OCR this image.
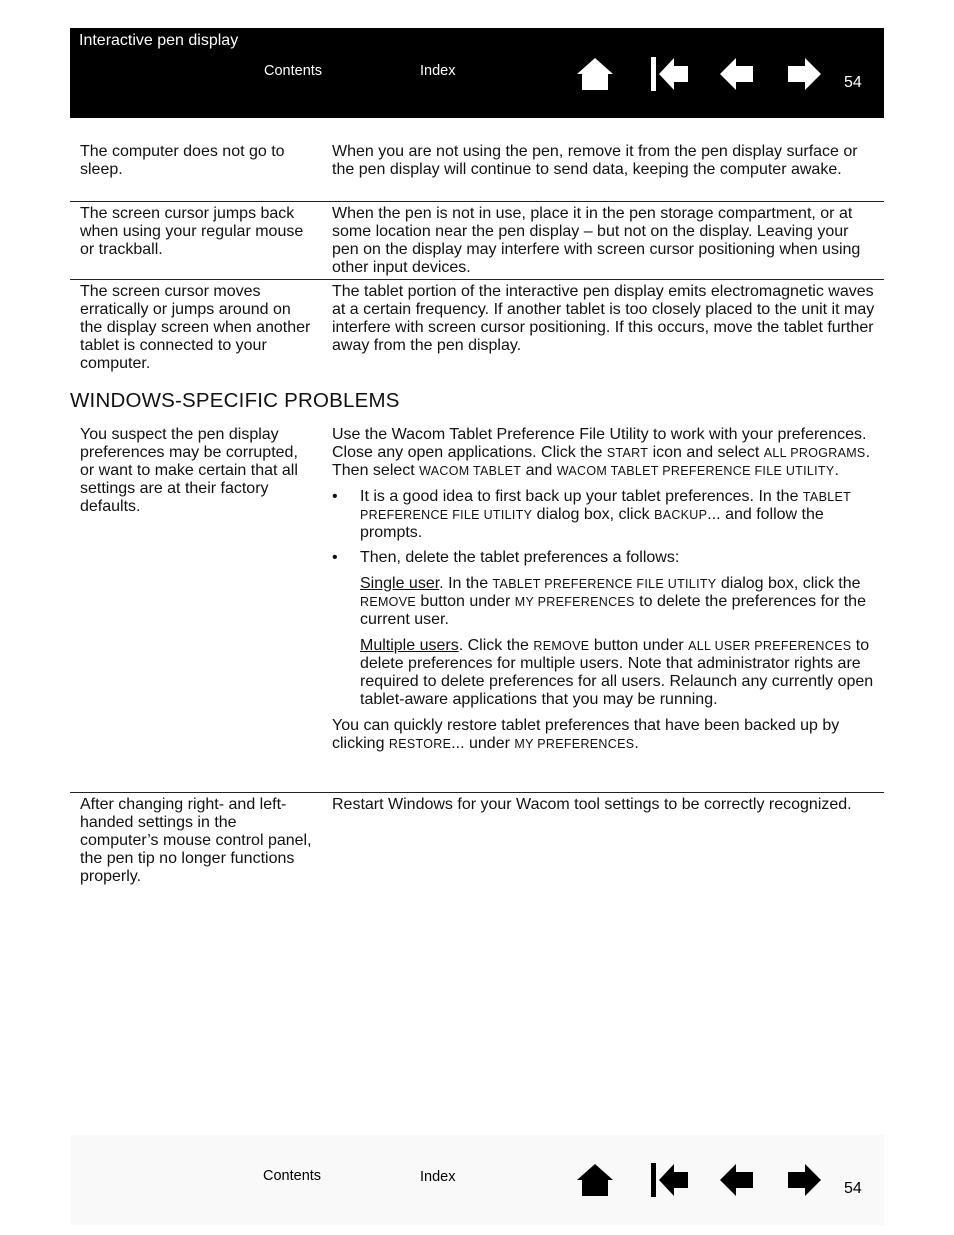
Interactive pen display
Contents	Index
54
The computer does not go to sleep.
When you are not using the pen, remove it from the pen display surface or the pen display will continue to send data, keeping the computer awake.
The screen cursor jumps back when using your regular mouse or trackball.
When the pen is not in use, place it in the pen storage compartment, or at some location near the pen display – but not on the display. Leaving your pen on the display may interfere with screen cursor positioning when using other input devices.
The screen cursor moves erratically or jumps around on the display screen when another tablet is connected to your computer.
The tablet portion of the interactive pen display emits electromagnetic waves at a certain frequency. If another tablet is too closely placed to the unit it may interfere with screen cursor positioning. If this occurs, move the tablet further away from the pen display.
WINDOWS-SPECIFIC PROBLEMS
You suspect the pen display preferences may be corrupted, or want to make certain that all settings are at their factory defaults.

Use the Wacom Tablet Preference File Utility to work with your preferences. Close any open applications. Click the START icon and select ALL PROGRAMS. Then select WACOM TABLET and WACOM TABLET PREFERENCE FILE UTILITY.

• It is a good idea to first back up your tablet preferences. In the TABLET PREFERENCE FILE UTILITY dialog box, click BACKUP... and follow the prompts.
• Then, delete the tablet preferences a follows:

Single user. In the TABLET PREFERENCE FILE UTILITY dialog box, click the REMOVE button under MY PREFERENCES to delete the preferences for the current user.

Multiple users. Click the REMOVE button under ALL USER PREFERENCES to delete preferences for multiple users. Note that administrator rights are required to delete preferences for all users. Relaunch any currently open tablet-aware applications that you may be running.

You can quickly restore tablet preferences that have been backed up by clicking RESTORE... under MY PREFERENCES.

After changing right- and left-handed settings in the computer’s mouse control panel, the pen tip no longer functions properly.
Restart Windows for your Wacom tool settings to be correctly recognized.
Contents	Index
54
